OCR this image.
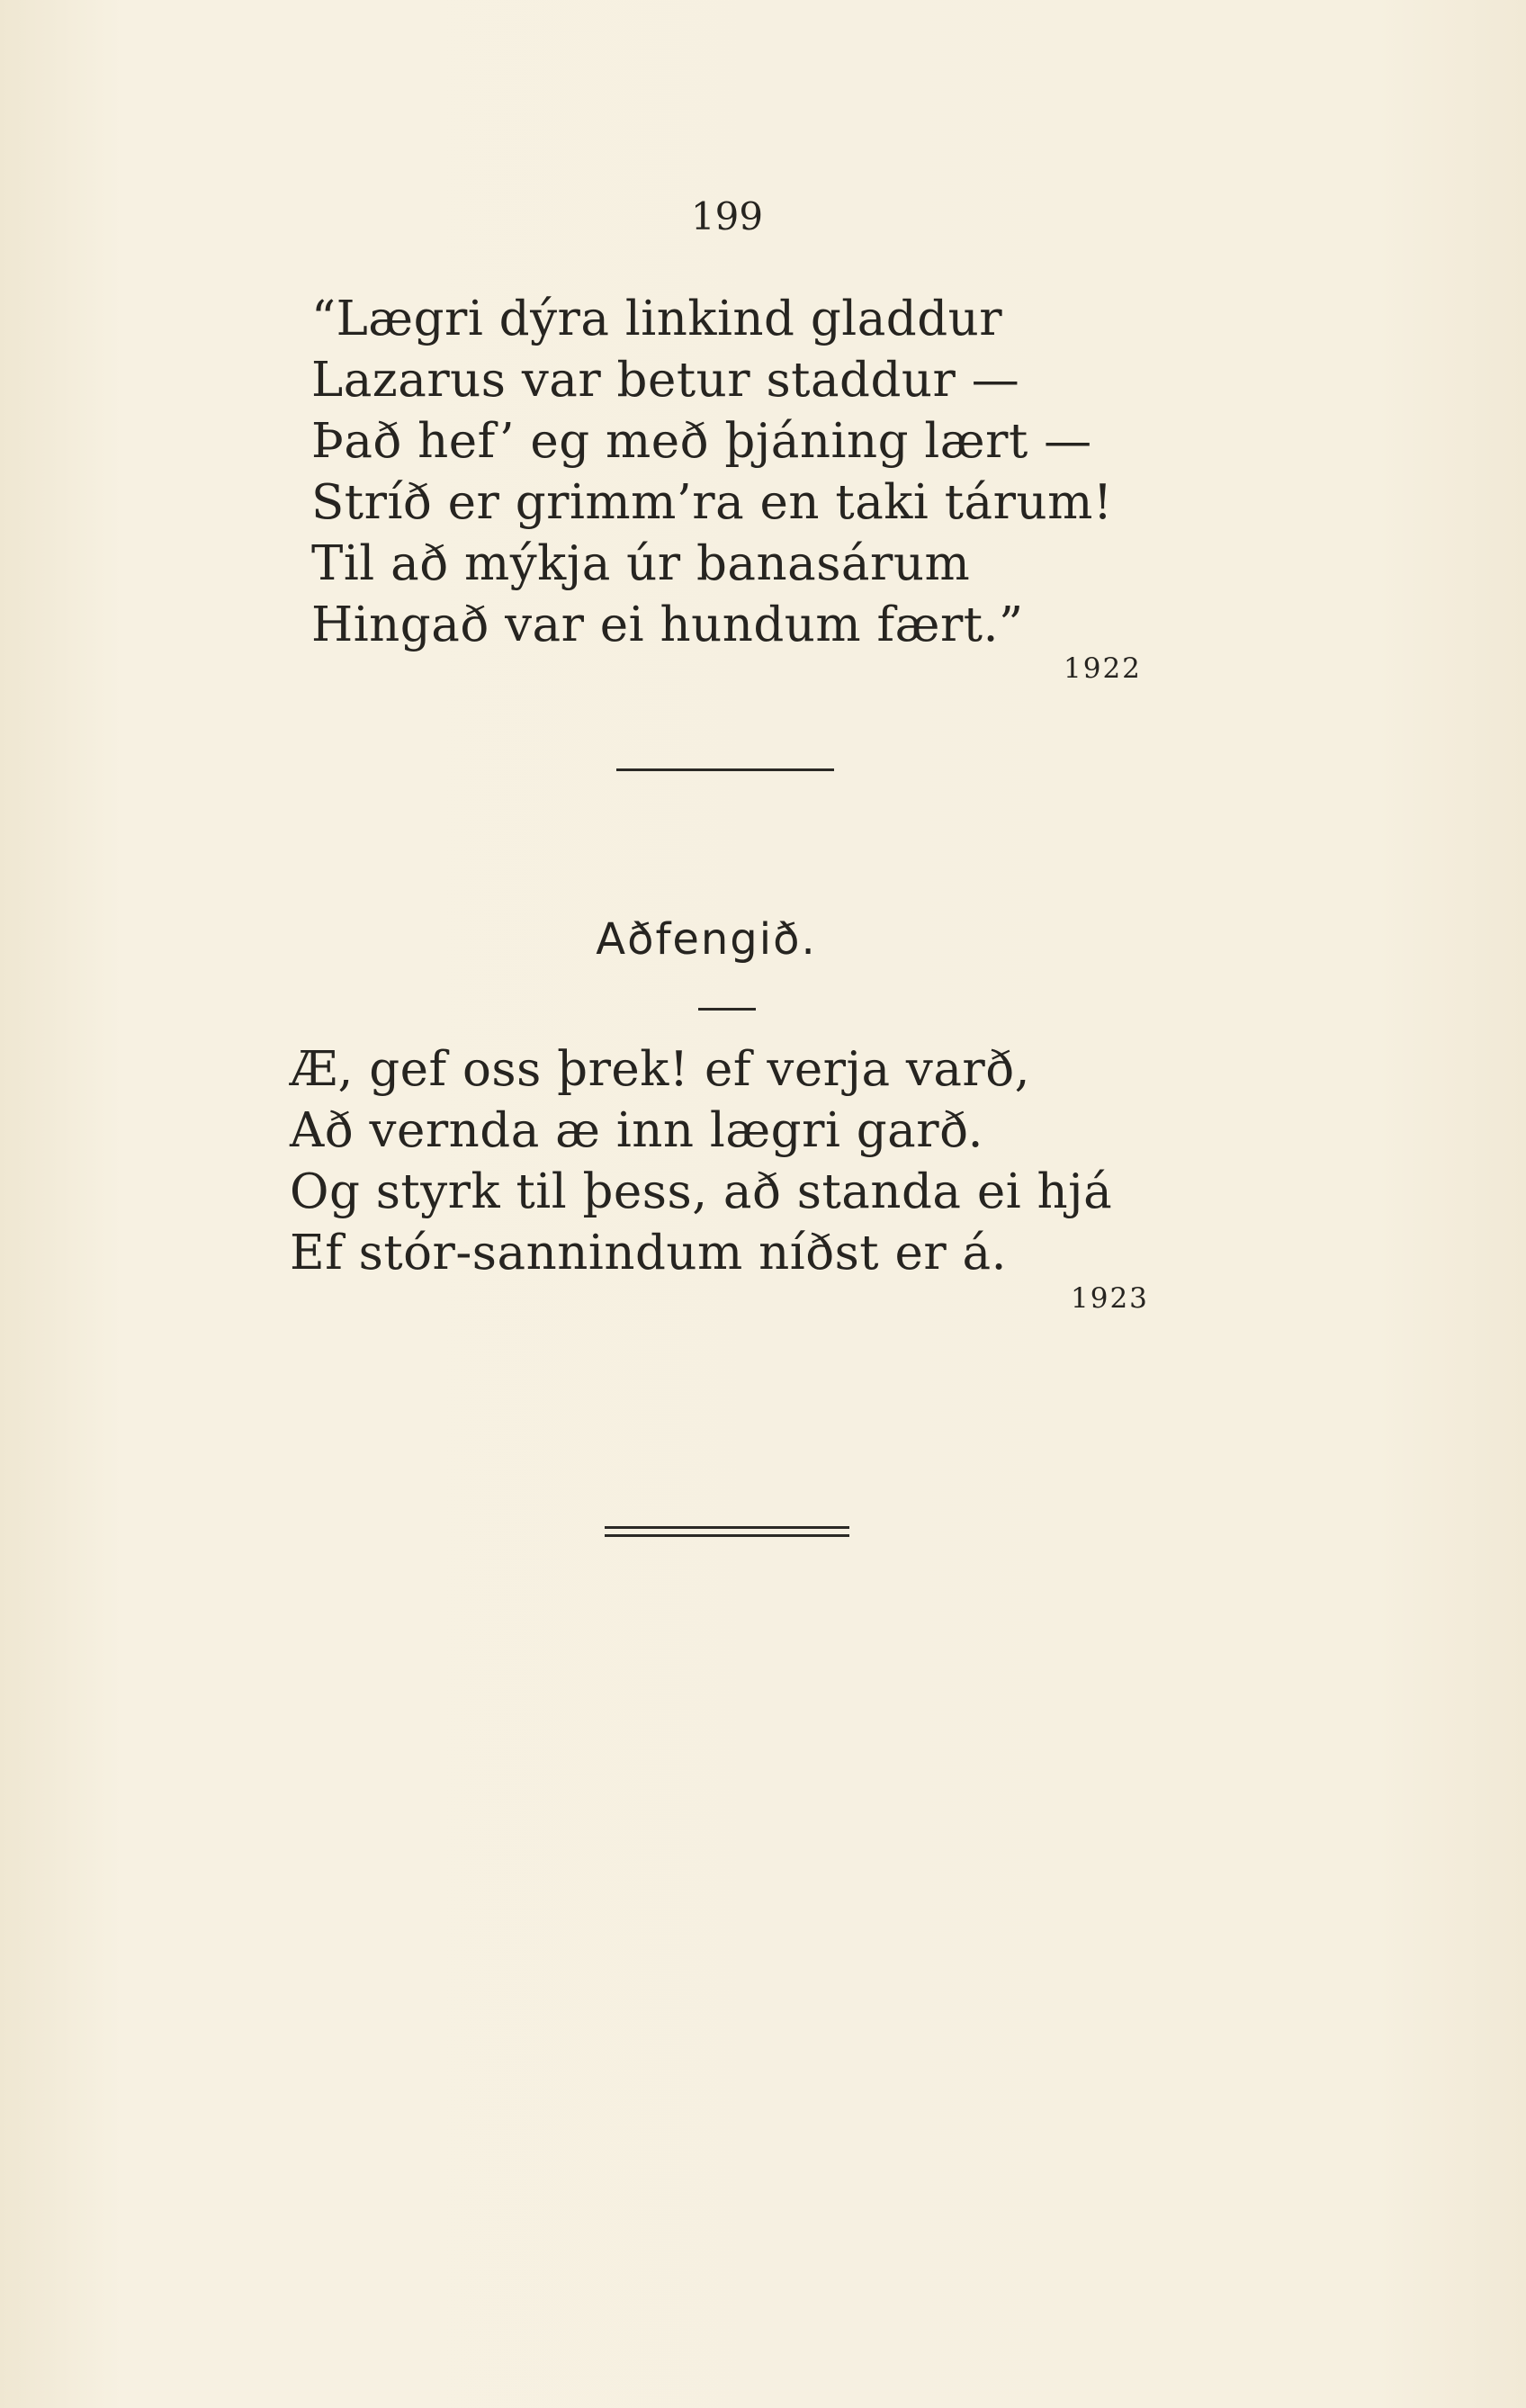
199
“Lægri dýra linkind gladdur
Lazarus var betur staddur —
Það hef’ eg með þjáning lært —
Stríð er grimm’ra en taki tárum!
Til að mýkja úr banasárum
Hingað var ei hundum fært.”
1922
Aðfengið.
Æ, gef oss þrek! ef verja varð,
Að vernda æ inn lægri garð.
Og styrk til þess, að standa ei hjá
Ef stór-sannindum níðst er á.
1923
